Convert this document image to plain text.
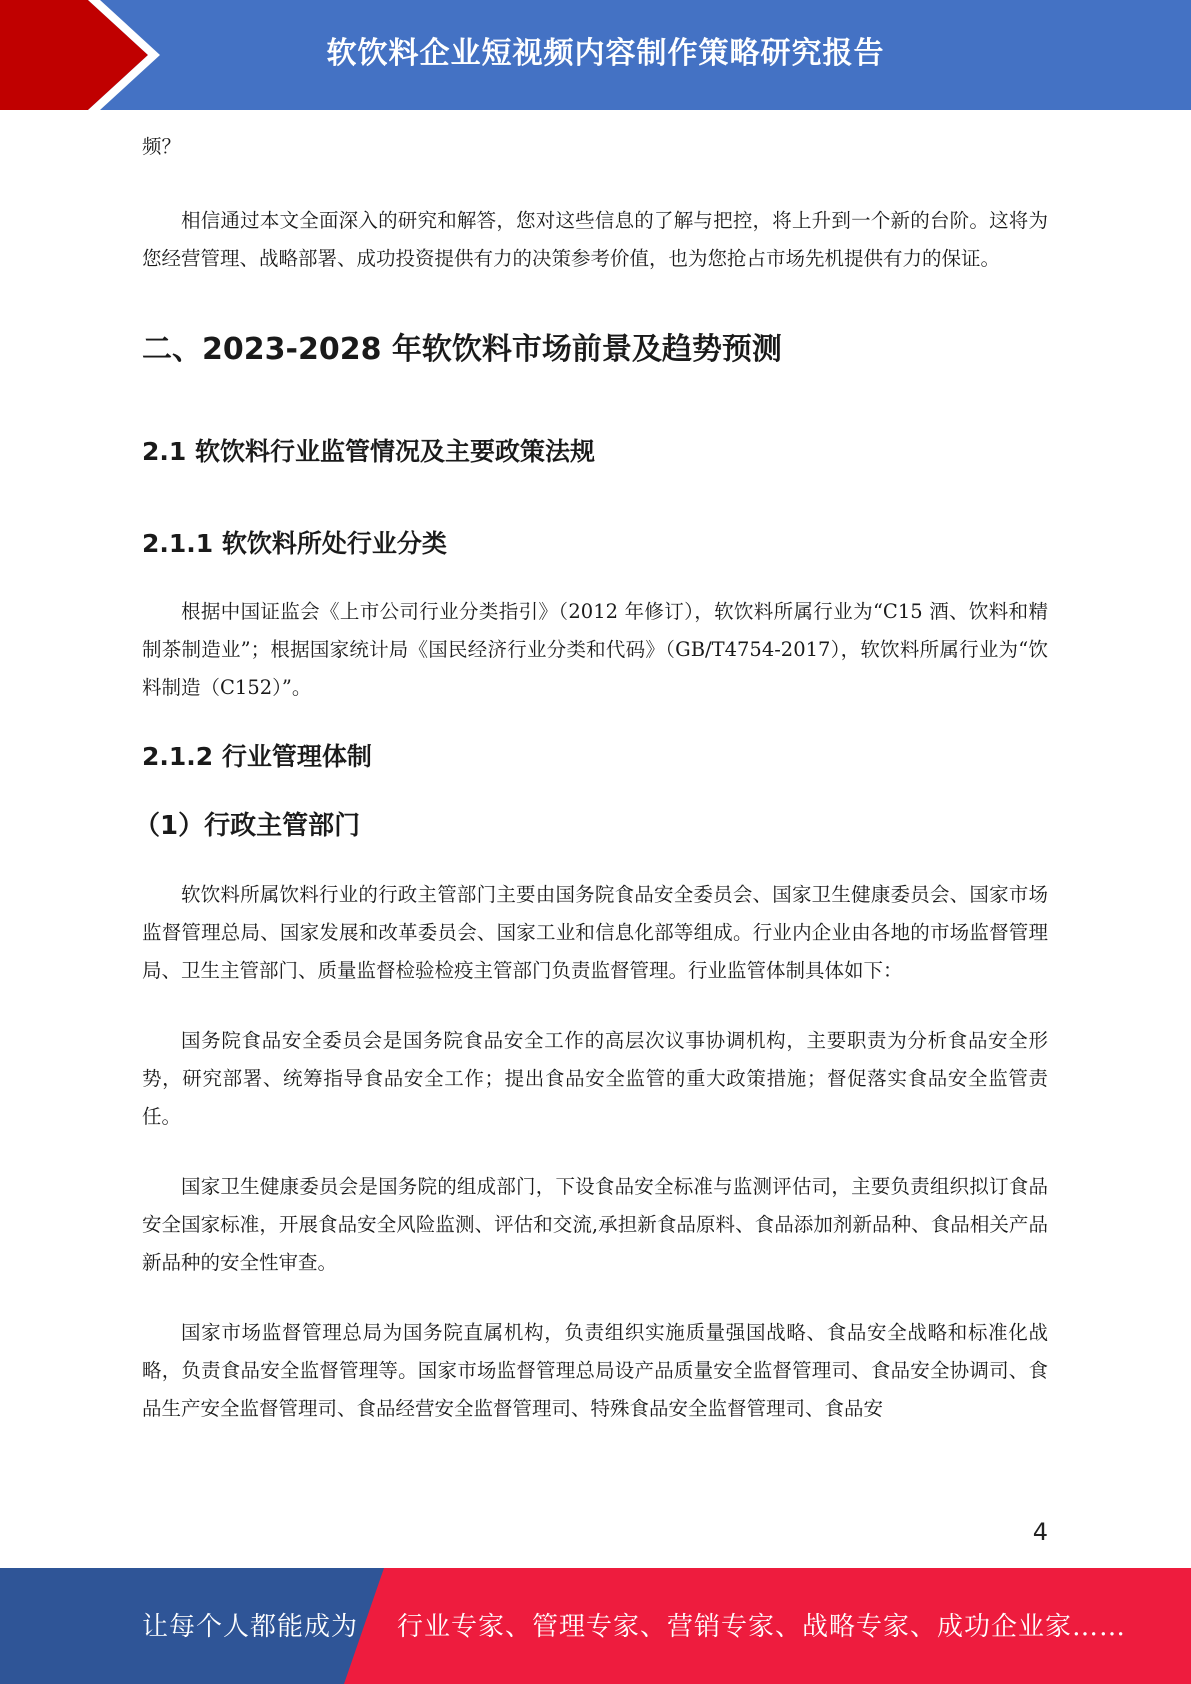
软饮料企业短视频内容制作策略研究报告

频？

相信通过本文全面深入的研究和解答，您对这些信息的了解与把控，将上升到一个新的台阶。这将为您经营管理、战略部署、成功投资提供有力的决策参考价值，也为您抢占市场先机提供有力的保证。

二、2023-2028 年软饮料市场前景及趋势预测
2.1 软饮料行业监管情况及主要政策法规
2.1.1 软饮料所处行业分类

根据中国证监会《上市公司行业分类指引》（2012 年修订），软饮料所属行业为“C15 酒、饮料和精制茶制造业”；根据国家统计局《国民经济行业分类和代码》（GB/T4754-2017），软饮料所属行业为“饮料制造（C152）”。

2.1.2 行业管理体制
（1）行政主管部门

软饮料所属饮料行业的行政主管部门主要由国务院食品安全委员会、国家卫生健康委员会、国家市场监督管理总局、国家发展和改革委员会、国家工业和信息化部等组成。行业内企业由各地的市场监督管理局、卫生主管部门、质量监督检验检疫主管部门负责监督管理。行业监管体制具体如下：

国务院食品安全委员会是国务院食品安全工作的高层次议事协调机构，主要职责为分析食品安全形势，研究部署、统筹指导食品安全工作；提出食品安全监管的重大政策措施；督促落实食品安全监管责任。

国家卫生健康委员会是国务院的组成部门，下设食品安全标准与监测评估司，主要负责组织拟订食品安全国家标准，开展食品安全风险监测、评估和交流,承担新食品原料、食品添加剂新品种、食品相关产品新品种的安全性审查。

国家市场监督管理总局为国务院直属机构，负责组织实施质量强国战略、食品安全战略和标准化战略，负责食品安全监督管理等。国家市场监督管理总局设产品质量安全监督管理司、食品安全协调司、食品生产安全监督管理司、食品经营安全监督管理司、特殊食品安全监督管理司、食品安

4
让每个人都能成为 行业专家、管理专家、营销专家、战略专家、成功企业家……
